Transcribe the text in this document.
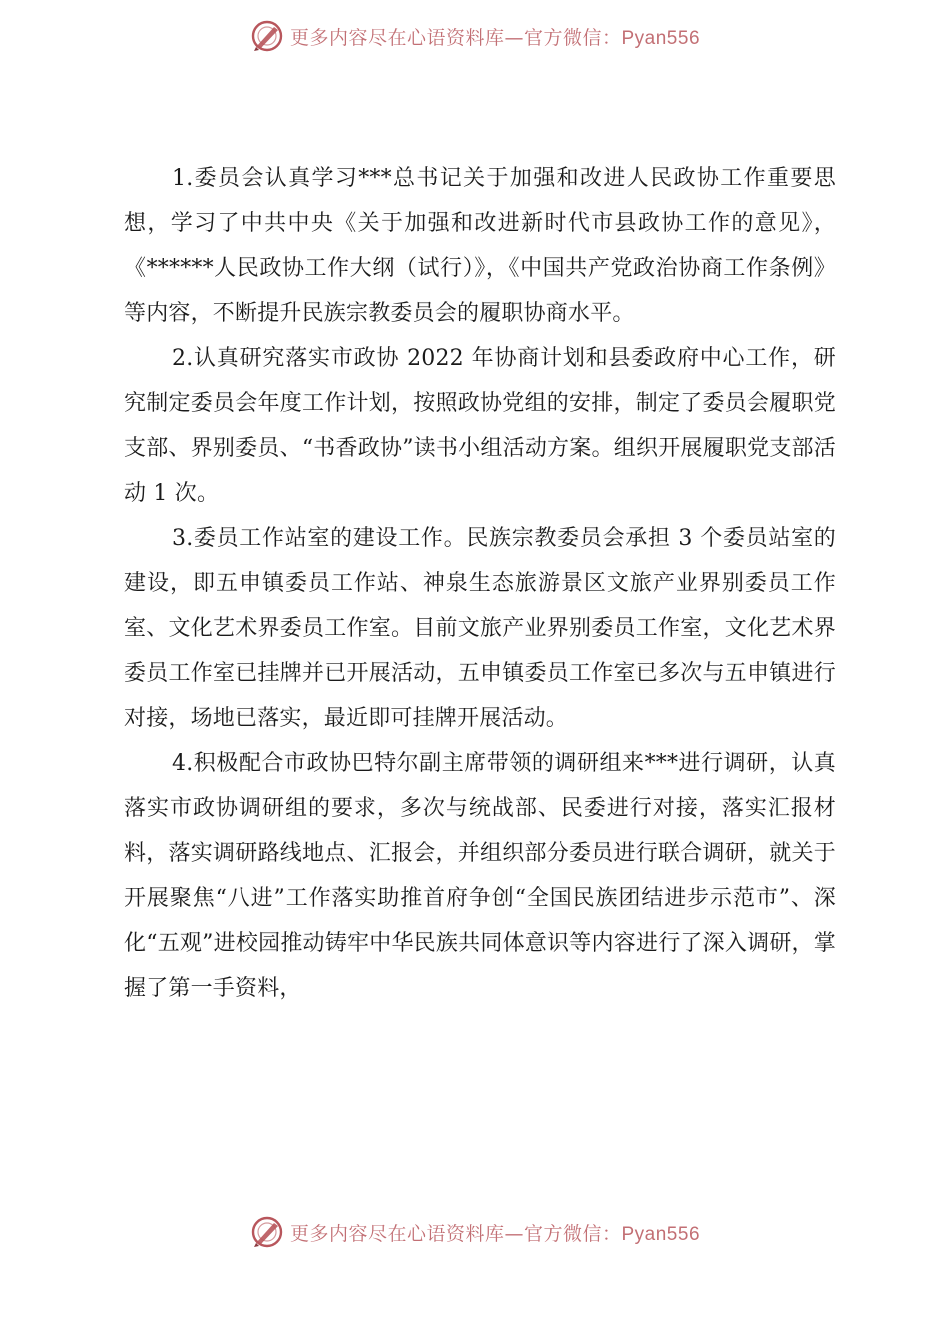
更多内容尽在心语资料库—官方微信：Pyan556

1.委员会认真学习***总书记关于加强和改进人民政协工作重要思想，学习了中共中央《关于加强和改进新时代市县政协工作的意见》，《******人民政协工作大纲（试行）》，《中国共产党政治协商工作条例》等内容，不断提升民族宗教委员会的履职协商水平。

2.认真研究落实市政协 2022 年协商计划和县委政府中心工作，研究制定委员会年度工作计划，按照政协党组的安排，制定了委员会履职党支部、界别委员、“书香政协”读书小组活动方案。组织开展履职党支部活动 1 次。

3.委员工作站室的建设工作。民族宗教委员会承担 3 个委员站室的建设，即五申镇委员工作站、神泉生态旅游景区文旅产业界别委员工作室、文化艺术界委员工作室。目前文旅产业界别委员工作室，文化艺术界委员工作室已挂牌并已开展活动，五申镇委员工作室已多次与五申镇进行对接，场地已落实，最近即可挂牌开展活动。

4.积极配合市政协巴特尔副主席带领的调研组来***进行调研，认真落实市政协调研组的要求，多次与统战部、民委进行对接，落实汇报材料，落实调研路线地点、汇报会，并组织部分委员进行联合调研，就关于开展聚焦“八进”工作落实助推首府争创“全国民族团结进步示范市”、深化“五观”进校园推动铸牢中华民族共同体意识等内容进行了深入调研，掌握了第一手资料，

更多内容尽在心语资料库—官方微信：Pyan556
